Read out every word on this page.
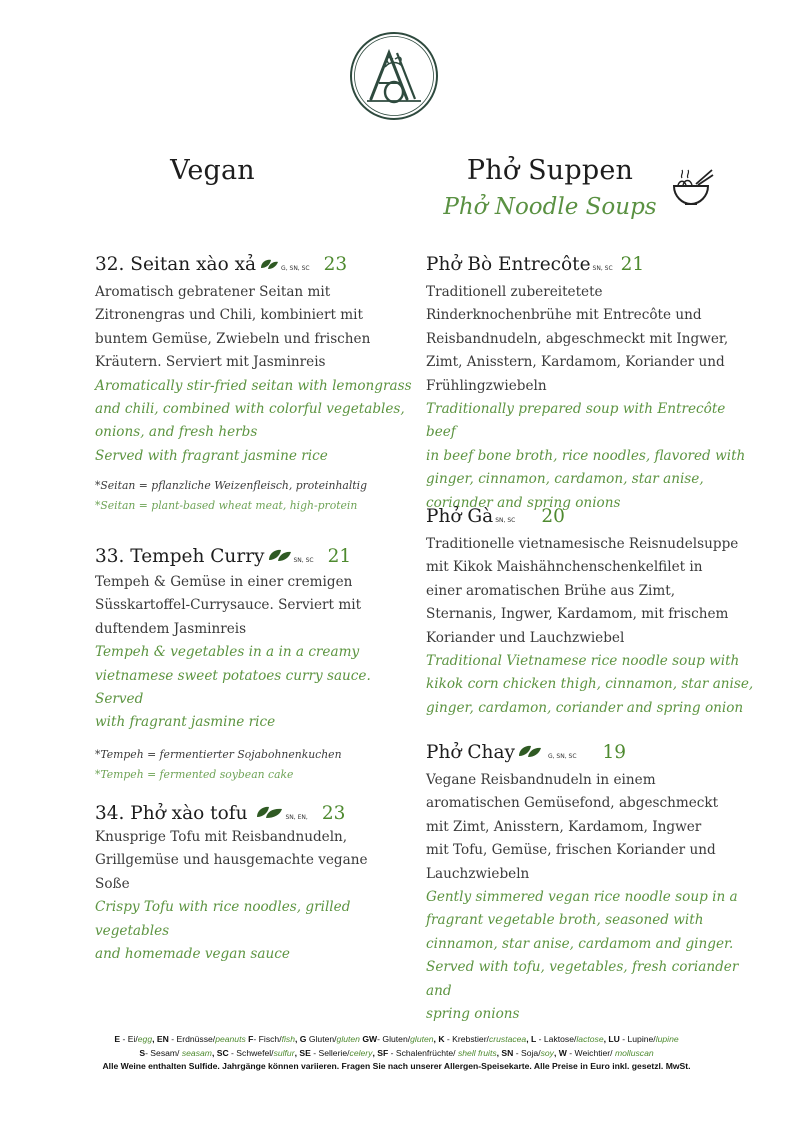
Vegan	Phở Suppen
Phở Noodle Soups
32. Seitan xào xả	G, SN, SC 23
Aromatisch gebratener Seitan mit
Zitronengras und Chili, kombiniert mit
buntem Gemüse, Zwiebeln und frischen
Kräutern. Serviert mit Jasminreis
Aromatically stir-fried seitan with lemongrass
and chili, combined with colorful vegetables,
onions, and fresh herbs
Served with fragrant jasmine rice
*Seitan = pflanzliche Weizenfleisch, proteinhaltig
*Seitan = plant-based wheat meat, high-protein
33. Tempeh Curry	SN, SC 21
Tempeh & Gemüse in einer cremigen
Süsskartoffel-Currysauce. Serviert mit
duftendem Jasminreis
Tempeh & vegetables in a in a creamy
vietnamese sweet potatoes curry sauce. Served
with fragrant jasmine rice
*Tempeh = fermentierter Sojabohnenkuchen
*Tempeh = fermented soybean cake
34. Phở xào tofu	SN, EN, 23
Knusprige Tofu mit Reisbandnudeln,
Grillgemüse und hausgemachte vegane
Soße
Crispy Tofu with rice noodles, grilled vegetables
and homemade vegan sauce
Phở Bò Entrecôte SN, SC 21
Traditionell zubereitetete
Rinderknochenbrühe mit Entrecôte und
Reisbandnudeln, abgeschmeckt mit Ingwer,
Zimt, Anisstern, Kardamom, Koriander und
Frühlingzwiebeln
Traditionally prepared soup with Entrecôte beef
in beef bone broth, rice noodles, flavored with
ginger, cinnamon, cardamon, star anise,
coriander and spring onions
Phở Gà SN, SC 20
Traditionelle vietnamesische Reisnudelsuppe
mit Kikok Maishähnchenschenkelfilet in
einer aromatischen Brühe aus Zimt,
Sternanis, Ingwer, Kardamom, mit frischem
Koriander und Lauchzwiebel
Traditional Vietnamese rice noodle soup with
kikok corn chicken thigh, cinnamon, star anise,
ginger, cardamon, coriander and spring onion
Phở Chay	G, SN, SC 19
Vegane Reisbandnudeln in einem
aromatischen Gemüsefond, abgeschmeckt
mit Zimt, Anisstern, Kardamom, Ingwer
mit Tofu, Gemüse, frischen Koriander und
Lauchzwiebeln
Gently simmered vegan rice noodle soup in a
fragrant vegetable broth, seasoned with
cinnamon, star anise, cardamom and ginger.
Served with tofu, vegetables, fresh coriander and
spring onions
E - Ei/egg, EN - Erdnüsse/peanuts F- Fisch/fish, G Gluten/gluten GW- Gluten/gluten, K - Krebstier/crustacea, L - Laktose/lactose, LU - Lupine/lupine
S- Sesam/ seasam, SC - Schwefel/sulfur, SE - Sellerie/celery, SF - Schalenfrüchte/ shell fruits, SN - Soja/soy, W - Weichtier/ molluscan
Alle Weine enthalten Sulfide. Jahrgänge können variieren. Fragen Sie nach unserer Allergen-Speisekarte. Alle Preise in Euro inkl. gesetzl. MwSt.
